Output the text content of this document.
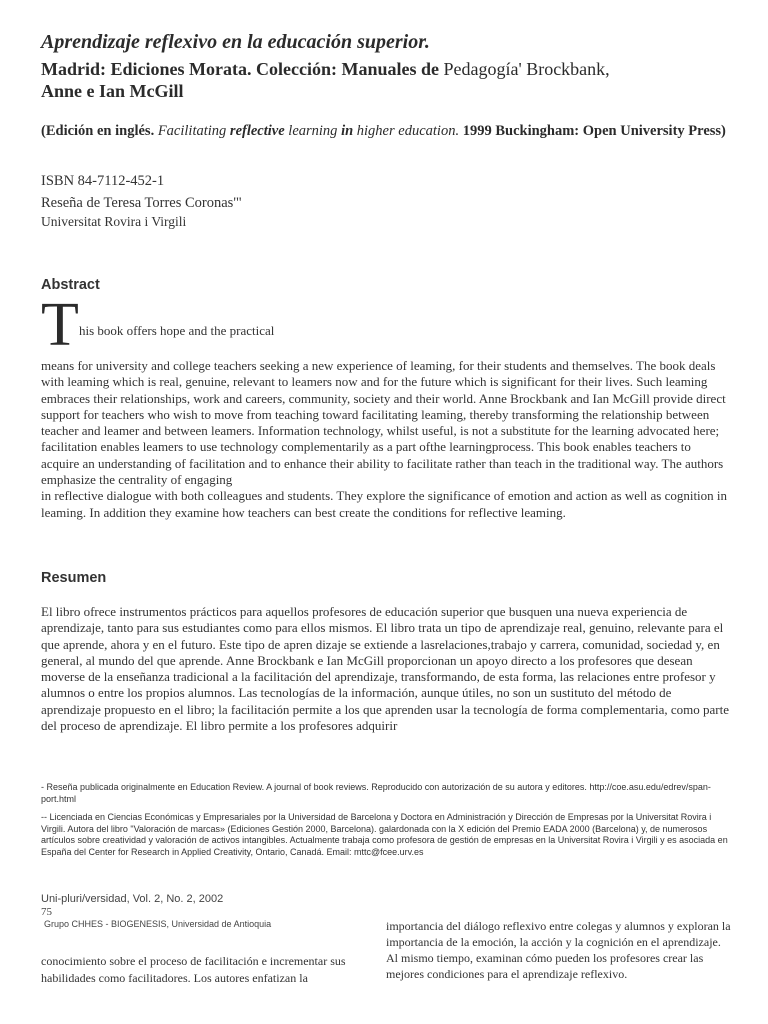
Aprendizaje reflexivo en la educación superior.
Madrid: Ediciones Morata. Colección: Manuales de Pedagogía' Brockbank,
Anne e Ian McGill
(Edición en inglés. Facilitating reflective learning in higher education. 1999 Buckingham: Open University Press)
ISBN 84-7112-452-1
Reseña de Teresa Torres Coronas'"
Universitat Rovira i Virgili
Abstract
T his book offers hope and the practical

means for university and college teachers seeking a new experience of leaming, for their students and themselves. The book deals with leaming which is real, genuine, relevant to leamers now and for the future which is significant for their lives. Such leaming embraces their relationships, work and careers, community, society and their world. Anne Brockbank and Ian McGill provide direct support for teachers who wish to move from teaching toward facilitating leaming, thereby transforming the relationship between teacher and leamer and between leamers. Information technology, whilst useful, is not a substitute for the learning advocated here; facilitation enables leamers to use technology complementarily as a part ofthe learningprocess. This book enables teachers to acquire an understanding of facilitation and to enhance their ability to facilitate rather than teach in the traditional way. The authors emphasize the centrality of engaging

in reflective dialogue with both colleagues and students. They explore the significance of emotion and action as well as cognition in leaming. In addition they examine how teachers can best create the conditions for reflective leaming.

Resumen

El libro ofrece instrumentos prácticos para aquellos profesores de educación superior que busquen una nueva experiencia de aprendizaje, tanto para sus estudiantes como para ellos mismos. El libro trata un tipo de aprendizaje real, genuino, relevante para el que aprende, ahora y en el futuro. Este tipo de apren dizaje se extiende a lasrelaciones,trabajo y carrera, comunidad, sociedad y, en general, al mundo del que aprende. Anne Brockbank e Ian McGill proporcionan un apoyo directo a los profesores que desean moverse de la enseñanza tradicional a la facilitación del aprendizaje, transformando, de esta forma, las relaciones entre profesor y alumnos o entre los propios alumnos. Las tecnologías de la información, aunque útiles, no son un sustituto del método de aprendizaje propuesto en el libro; la facilitación permite a los que aprenden usar la tecnología de forma complementaria, como parte del proceso de aprendizaje. El libro permite a los profesores adquirir

- Reseña publicada originalmente en Education Review. A journal of book reviews. Reproducido con autorización de su autora y editores. http://coe.asu.edu/edrev/span-port.html
-- Licenciada en Ciencias Económicas y Empresariales por la Universidad de Barcelona y Doctora en Administración y Dirección de Empresas por la Universitat Rovira i Virgili. Autora del libro "Valoración de marcas» (Ediciones Gestión 2000, Barcelona). galardonada con la X edición del Premio EADA 2000 (Barcelona) y, de numerosos artículos sobre creatividad y valoración de activos intangibles. Actualmente trabaja como profesora de gestión de empresas en la Universitat Rovira i Virgili y es asociada en España del Center for Research in Applied Creativity, Ontario, Canadá. Email: mttc@fcee.urv.es
Uni-pluri/versidad, Vol. 2, No. 2, 2002
75
Grupo CHHES - BIOGENESIS, Universidad de Antioquia
conocimiento sobre el proceso de facilitación e incrementar sus habilidades como facilitadores. Los autores enfatizan la
importancia del diálogo reflexivo entre colegas y alumnos y exploran la importancia de la emoción, la acción y la cognición en el aprendizaje. Al mismo tiempo, examinan cómo pueden los profesores crear las mejores condiciones para el aprendizaje reflexivo.
